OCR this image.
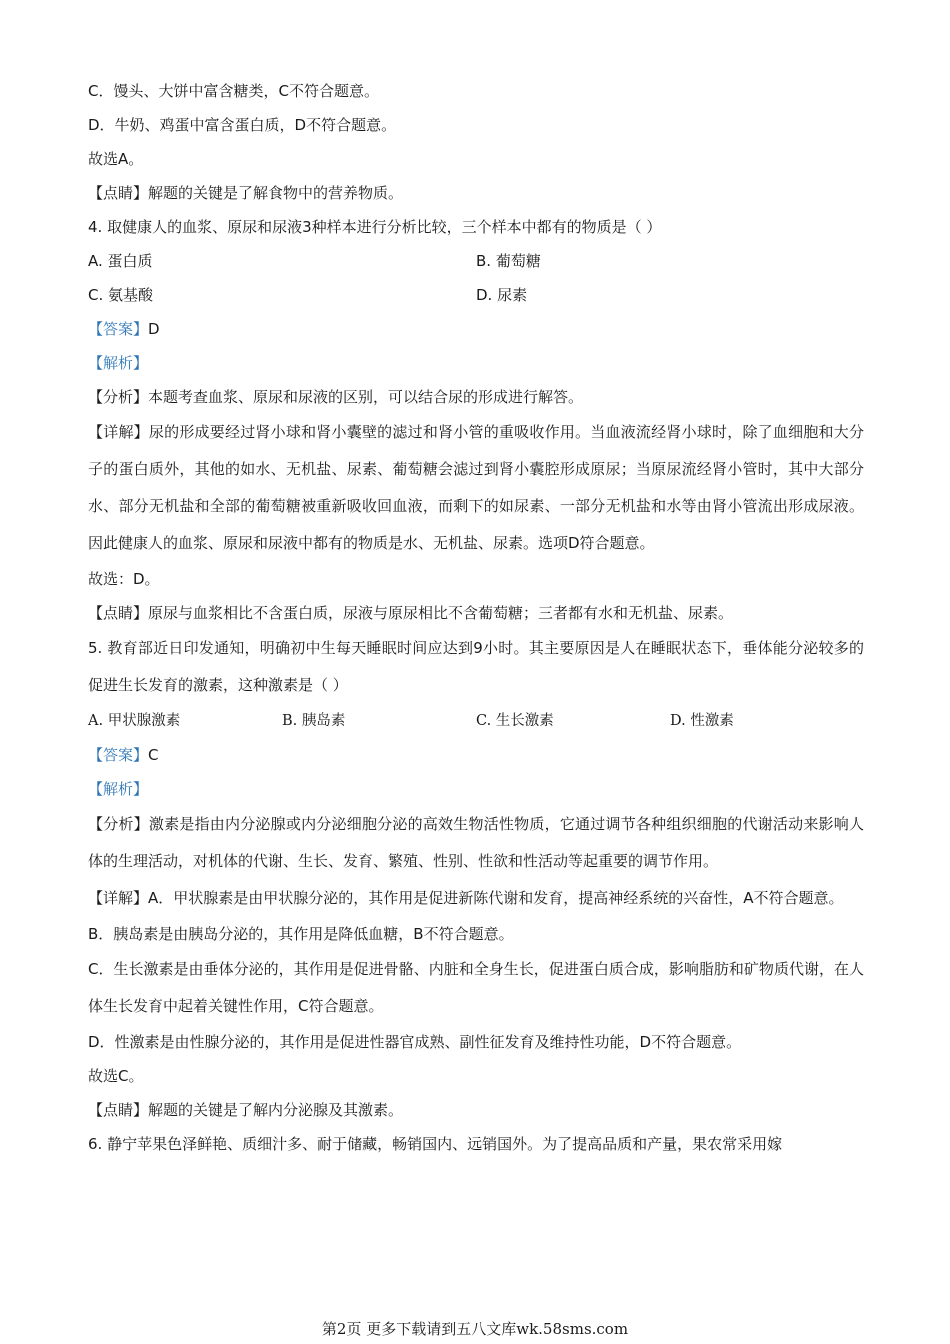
C．馒头、大饼中富含糖类，C不符合题意。
D．牛奶、鸡蛋中富含蛋白质，D不符合题意。
故选A。
【点睛】解题的关键是了解食物中的营养物质。
4. 取健康人的血浆、原尿和尿液3种样本进行分析比较，三个样本中都有的物质是（ ）
A. 蛋白质	B. 葡萄糖
C. 氨基酸	D. 尿素
【答案】D
【解析】
【分析】本题考查血浆、原尿和尿液的区别，可以结合尿的形成进行解答。
【详解】尿的形成要经过肾小球和肾小囊壁的滤过和肾小管的重吸收作用。当血液流经肾小球时，除了血细胞和大分子的蛋白质外，其他的如水、无机盐、尿素、葡萄糖会滤过到肾小囊腔形成原尿；当原尿流经肾小管时，其中大部分水、部分无机盐和全部的葡萄糖被重新吸收回血液，而剩下的如尿素、一部分无机盐和水等由肾小管流出形成尿液。因此健康人的血浆、原尿和尿液中都有的物质是水、无机盐、尿素。选项D符合题意。
故选：D。
【点睛】原尿与血浆相比不含蛋白质，尿液与原尿相比不含葡萄糖；三者都有水和无机盐、尿素。
5. 教育部近日印发通知，明确初中生每天睡眠时间应达到9小时。其主要原因是人在睡眠状态下，垂体能分泌较多的促进生长发育的激素，这种激素是（ ）
A. 甲状腺激素	B. 胰岛素	C. 生长激素	D. 性激素
【答案】C
【解析】
【分析】激素是指由内分泌腺或内分泌细胞分泌的高效生物活性物质，它通过调节各种组织细胞的代谢活动来影响人体的生理活动，对机体的代谢、生长、发育、繁殖、性别、性欲和性活动等起重要的调节作用。
【详解】A．甲状腺素是由甲状腺分泌的，其作用是促进新陈代谢和发育，提高神经系统的兴奋性，A不符合题意。
B．胰岛素是由胰岛分泌的，其作用是降低血糖，B不符合题意。
C．生长激素是由垂体分泌的，其作用是促进骨骼、内脏和全身生长，促进蛋白质合成，影响脂肪和矿物质代谢，在人体生长发育中起着关键性作用，C符合题意。
D．性激素是由性腺分泌的，其作用是促进性器官成熟、副性征发育及维持性功能，D不符合题意。
故选C。
【点睛】解题的关键是了解内分泌腺及其激素。
6. 静宁苹果色泽鲜艳、质细汁多、耐于储藏，畅销国内、远销国外。为了提高品质和产量，果农常采用嫁
第2页 更多下载请到五八文库wk.58sms.com
